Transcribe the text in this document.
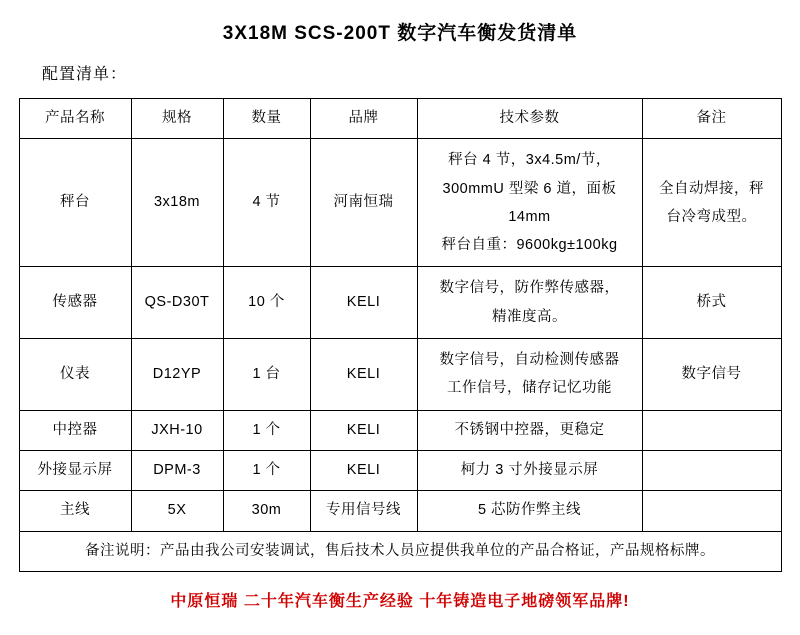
3X18M SCS-200T 数字汽车衡发货清单
配置清单：
产品名称	规格	数量	品牌	技术参数	备注
秤台	3x18m	4 节	河南恒瑞	秤台 4 节，3x4.5m/节，
300mmU 型梁 6 道，面板 14mm
秤台自重：9600kg±100kg	全自动焊接，秤
台冷弯成型。

传感器	QS-D30T	10 个	KELI	数字信号，防作弊传感器，
精准度高。	桥式
仪表	D12YP	1 台	KELI	数字信号，自动检测传感器
工作信号，储存记忆功能	数字信号
中控器	JXH-10	1 个	KELI	不锈钢中控器，更稳定	
外接显示屏	DPM-3	1 个	KELI	柯力 3 寸外接显示屏	
主线	5X	30m	专用信号线	5 芯防作弊主线	
备注说明：产品由我公司安装调试，售后技术人员应提供我单位的产品合格证，产品规格标牌。					
中原恒瑞 二十年汽车衡生产经验 十年铸造电子地磅领军品牌!
